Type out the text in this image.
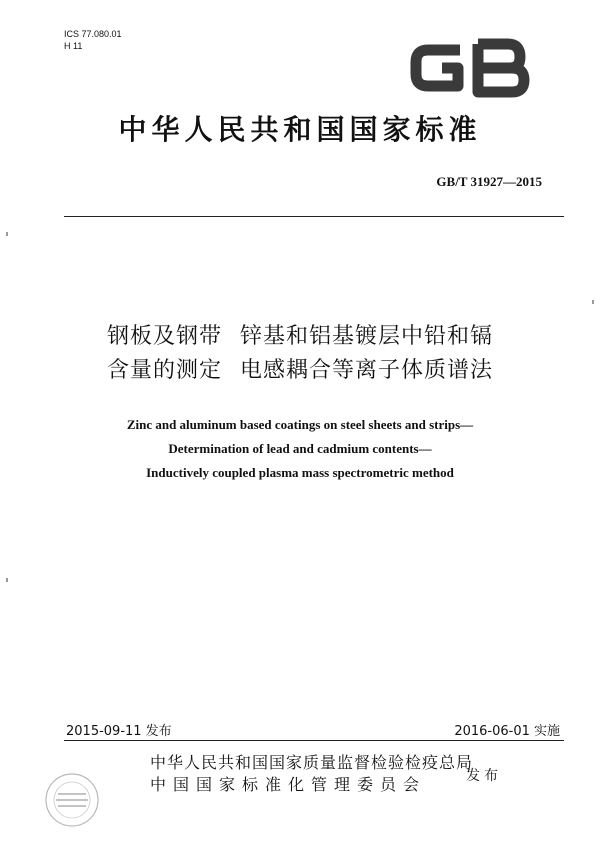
ICS 77.080.01
H 11
中华人民共和国国家标准
GB/T 31927—2015
钢板及钢带 锌基和铝基镀层中铅和镉
含量的测定 电感耦合等离子体质谱法
Zinc and aluminum based coatings on steel sheets and strips—
Determination of lead and cadmium contents—
Inductively coupled plasma mass spectrometric method
2015-09-11 发布	2016-06-01 实施
中华人民共和国国家质量监督检验检疫总局
中国国家标准化管理委员会	发布
